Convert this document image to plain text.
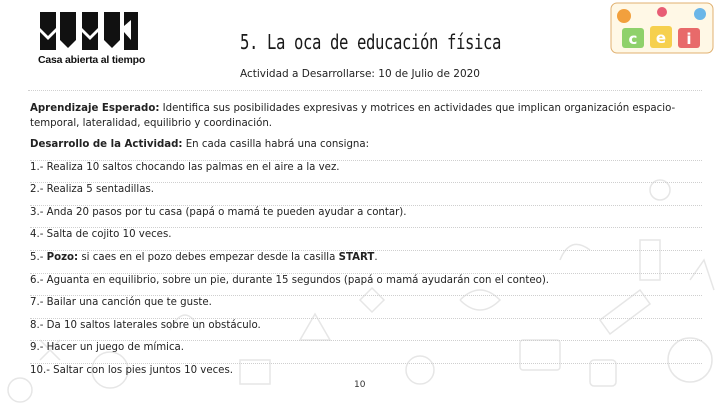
Casa abierta al tiempo
c e i
5. La oca de educación física
Actividad a Desarrollarse: 10 de Julio de 2020
Aprendizaje Esperado: Identifica sus posibilidades expresivas y motrices en actividades que implican organización espacio-temporal, lateralidad, equilibrio y coordinación.
Desarrollo de la Actividad: En cada casilla habrá una consigna:
1.- Realiza 10 saltos chocando las palmas en el aire a la vez.
2.- Realiza 5 sentadillas.
3.- Anda 20 pasos por tu casa (papá o mamá te pueden ayudar a contar).
4.- Salta de cojito 10 veces.
5.- Pozo: si caes en el pozo debes empezar desde la casilla START.
6.- Aguanta en equilibrio, sobre un pie, durante 15 segundos (papá o mamá ayudarán con el conteo).
7.- Bailar una canción que te guste.
8.- Da 10 saltos laterales sobre un obstáculo.
9.- Hacer un juego de mímica.
10.- Saltar con los pies juntos 10 veces.
10
